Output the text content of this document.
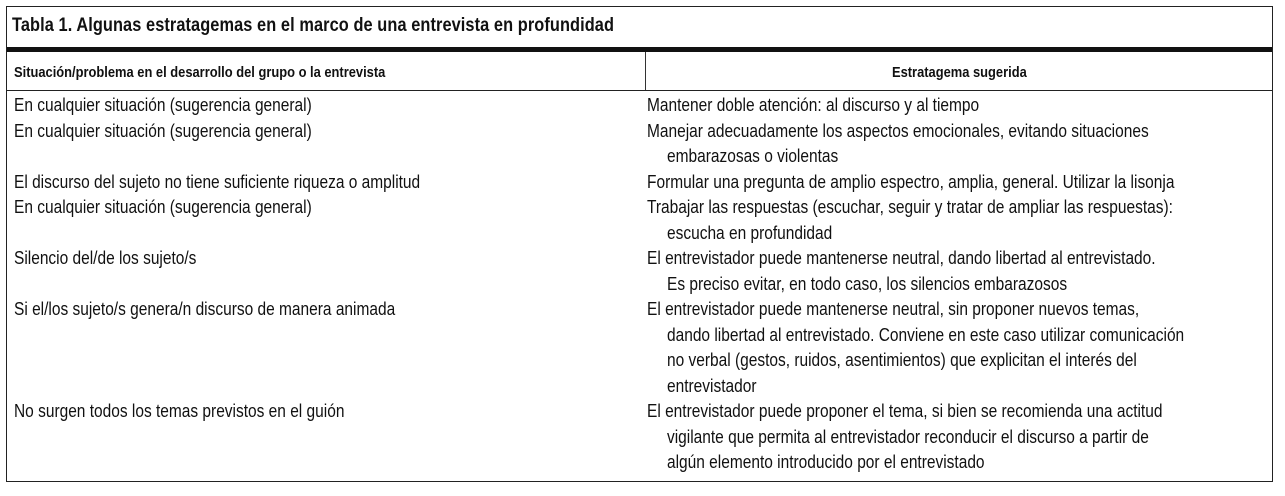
Tabla 1. Algunas estratagemas en el marco de una entrevista en profundidad
Situación/problema en el desarrollo del grupo o la entrevista	Estratagema sugerida
En cualquier situación (sugerencia general)	Mantener doble atención: al discurso y al tiempo
En cualquier situación (sugerencia general)	Manejar adecuadamente los aspectos emocionales, evitando situaciones
embarazosas o violentas
El discurso del sujeto no tiene suficiente riqueza o amplitud	Formular una pregunta de amplio espectro, amplia, general. Utilizar la lisonja
En cualquier situación (sugerencia general)	Trabajar las respuestas (escuchar, seguir y tratar de ampliar las respuestas):
escucha en profundidad
Silencio del/de los sujeto/s	El entrevistador puede mantenerse neutral, dando libertad al entrevistado.
Es preciso evitar, en todo caso, los silencios embarazosos
Si el/los sujeto/s genera/n discurso de manera animada	El entrevistador puede mantenerse neutral, sin proponer nuevos temas,
dando libertad al entrevistado. Conviene en este caso utilizar comunicación
no verbal (gestos, ruidos, asentimientos) que explicitan el interés del
entrevistador
No surgen todos los temas previstos en el guión	El entrevistador puede proponer el tema, si bien se recomienda una actitud
vigilante que permita al entrevistador reconducir el discurso a partir de
algún elemento introducido por el entrevistado
